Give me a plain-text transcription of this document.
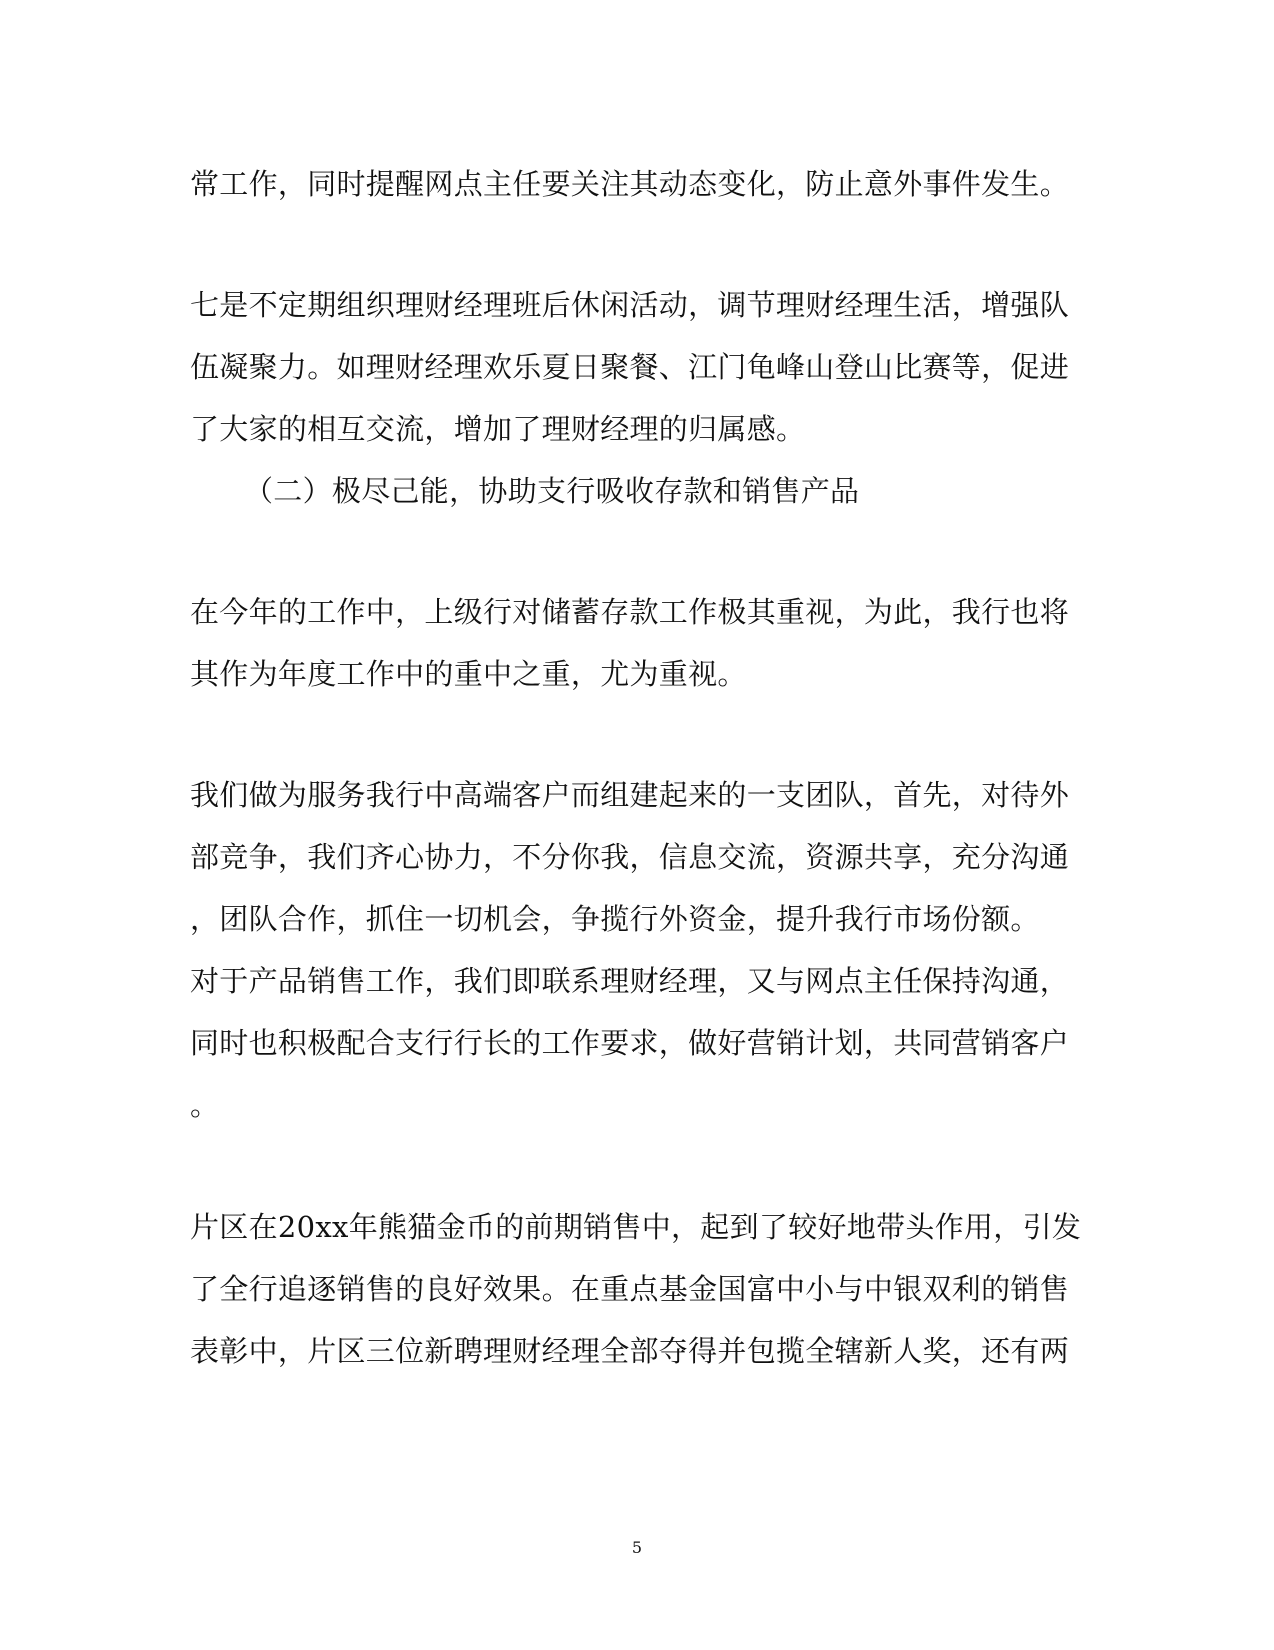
常工作，同时提醒网点主任要关注其动态变化，防止意外事件发生。
七是不定期组织理财经理班后休闲活动，调节理财经理生活，增强队
伍凝聚力。如理财经理欢乐夏日聚餐、江门龟峰山登山比赛等，促进
了大家的相互交流，增加了理财经理的归属感。
（二）极尽己能，协助支行吸收存款和销售产品
在今年的工作中，上级行对储蓄存款工作极其重视，为此，我行也将
其作为年度工作中的重中之重，尤为重视。
我们做为服务我行中高端客户而组建起来的一支团队，首先，对待外
部竞争，我们齐心协力，不分你我，信息交流，资源共享，充分沟通
，团队合作，抓住一切机会，争揽行外资金，提升我行市场份额。
对于产品销售工作，我们即联系理财经理，又与网点主任保持沟通，
同时也积极配合支行行长的工作要求，做好营销计划，共同营销客户
。
片区在20xx年熊猫金币的前期销售中，起到了较好地带头作用，引发
了全行追逐销售的良好效果。在重点基金国富中小与中银双利的销售
表彰中，片区三位新聘理财经理全部夺得并包揽全辖新人奖，还有两
5
